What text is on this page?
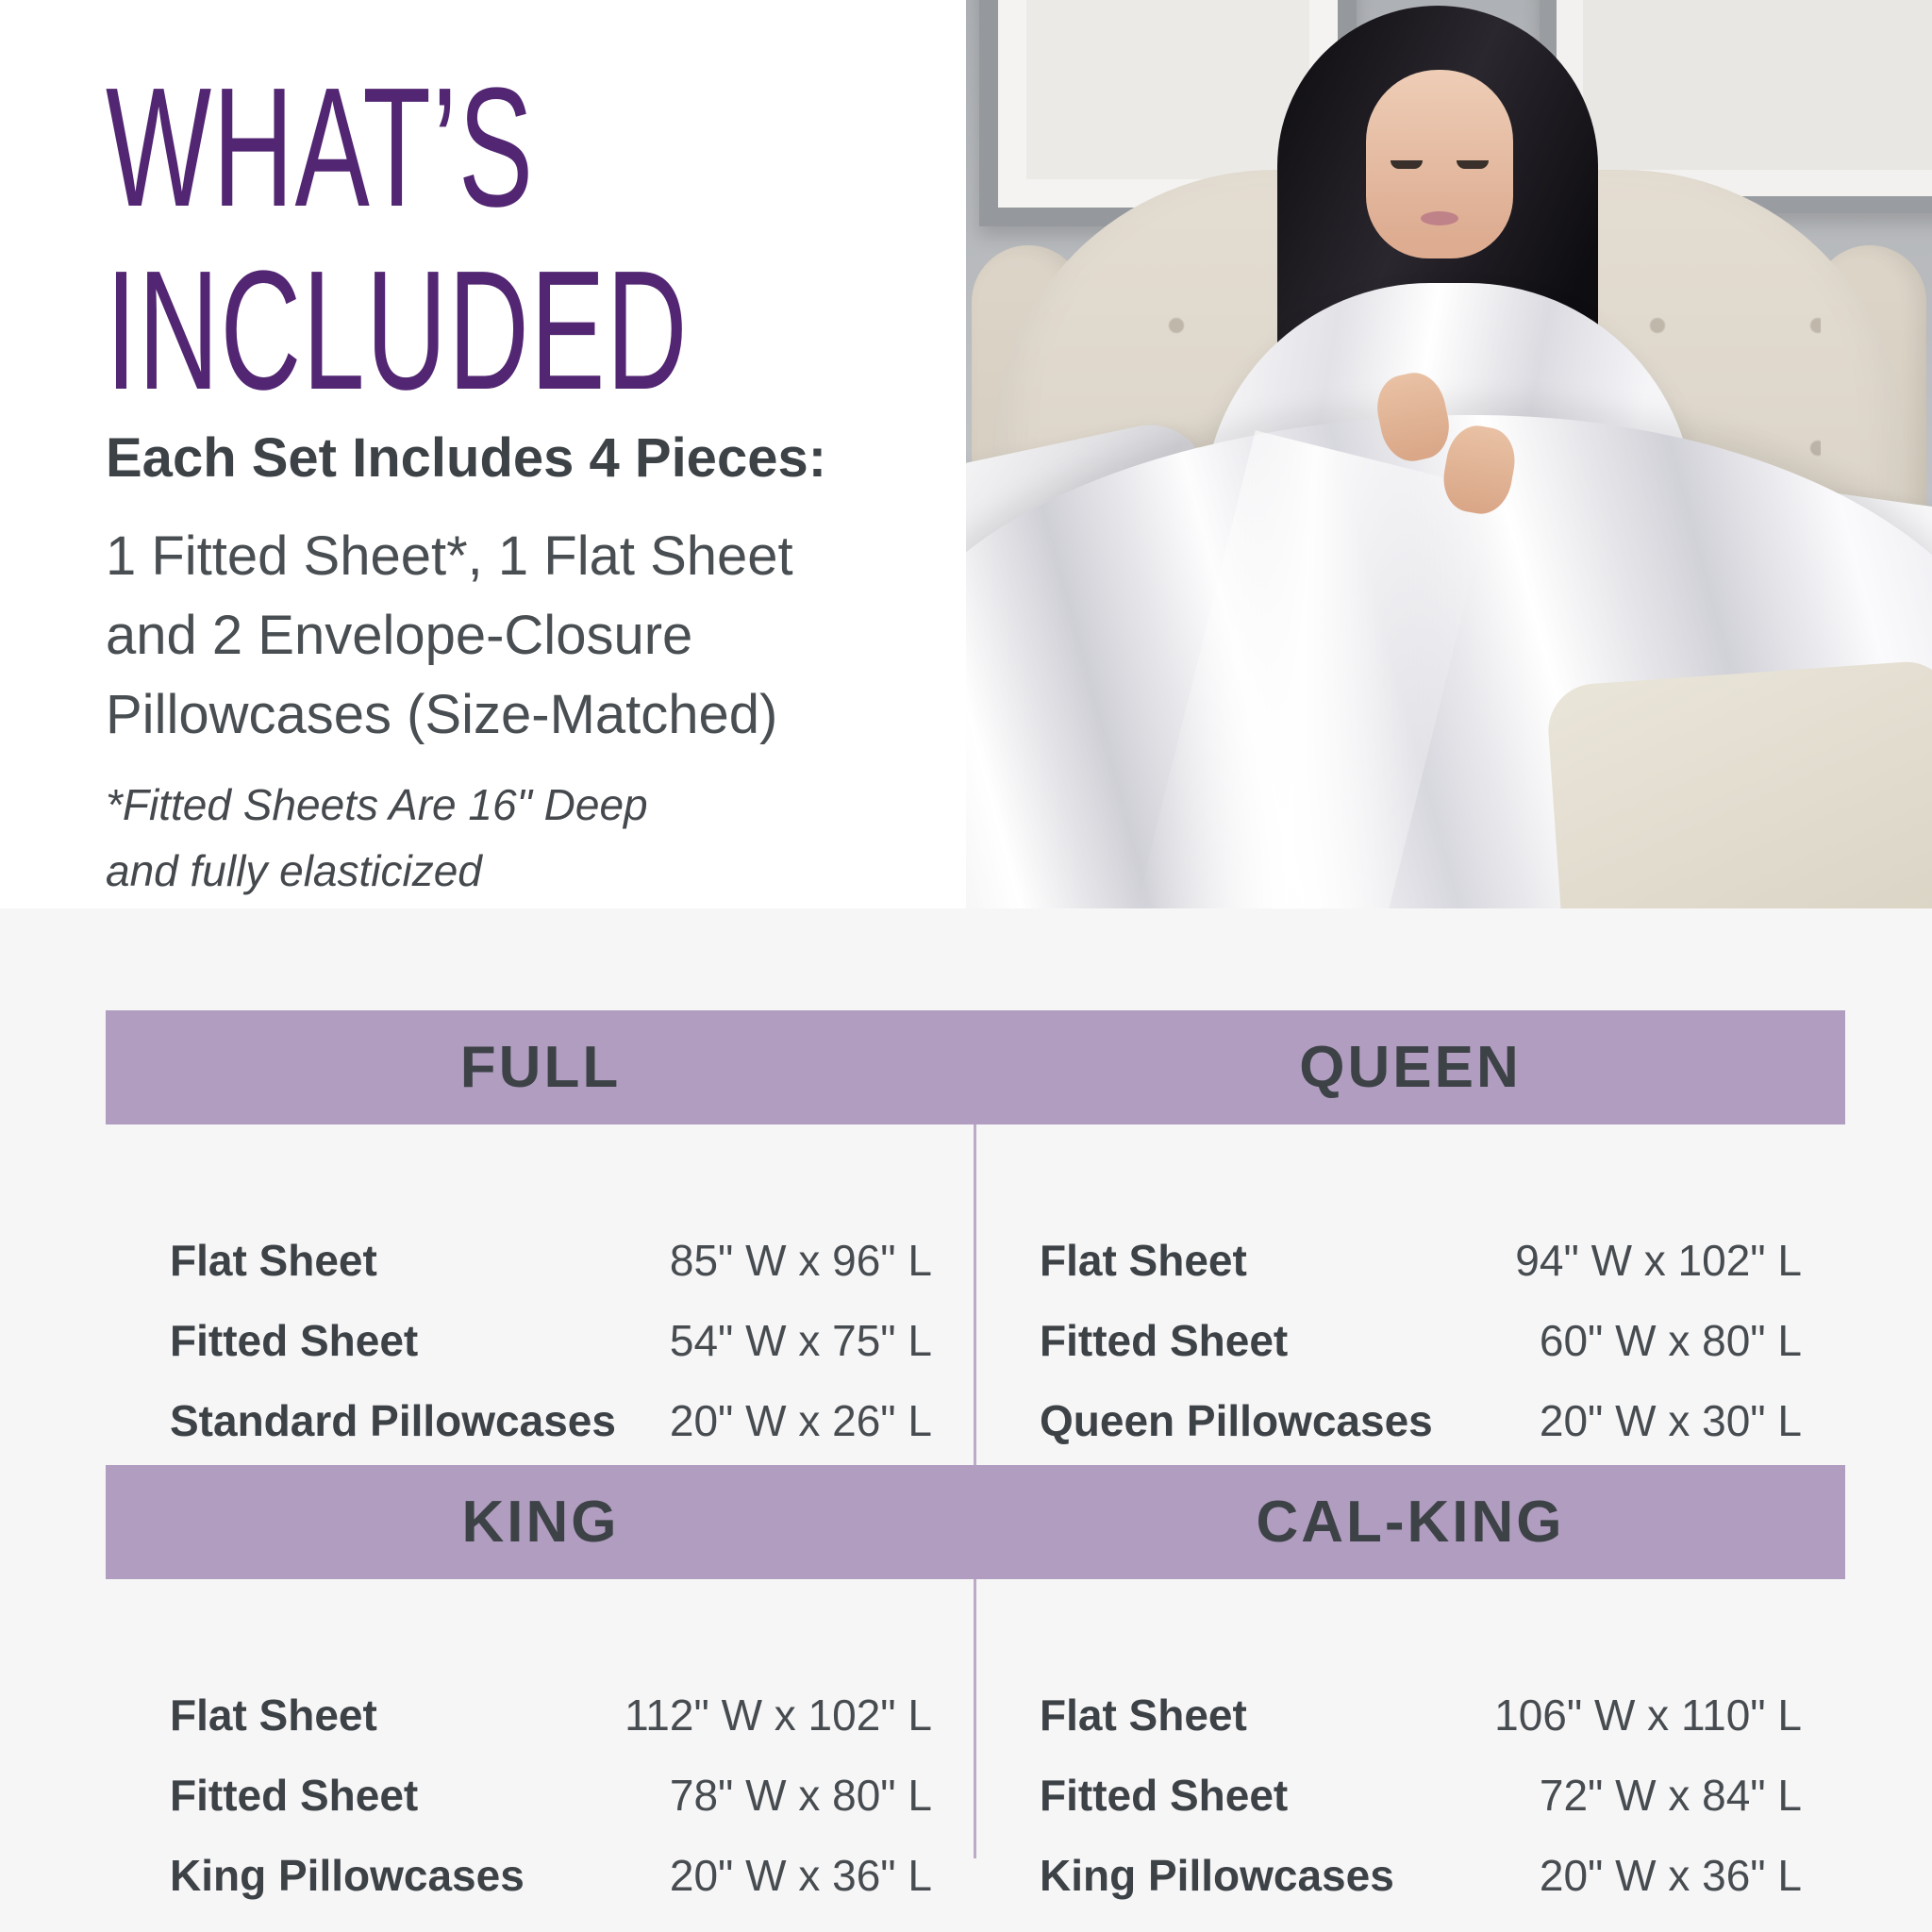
WHAT’S
INCLUDED
Each Set Includes 4 Pieces:
1 Fitted Sheet*, 1 Flat Sheet
and 2 Envelope-Closure
Pillowcases (Size-Matched)
*Fitted Sheets Are 16" Deep
and fully elasticized
FULL	QUEEN
Flat Sheet	85" W x 96" L
Fitted Sheet	54" W x 75" L
Standard Pillowcases 20" W x 26" L
Flat Sheet	94" W x 102" L
Fitted Sheet	60" W x 80" L
Queen Pillowcases 20" W x 30" L
KING	CAL-KING
Flat Sheet	112" W x 102" L
Fitted Sheet	78" W x 80" L
King Pillowcases	20" W x 36" L
Flat Sheet	106" W x 110" L
Fitted Sheet	72" W x 84" L
King Pillowcases	20" W x 36" L
